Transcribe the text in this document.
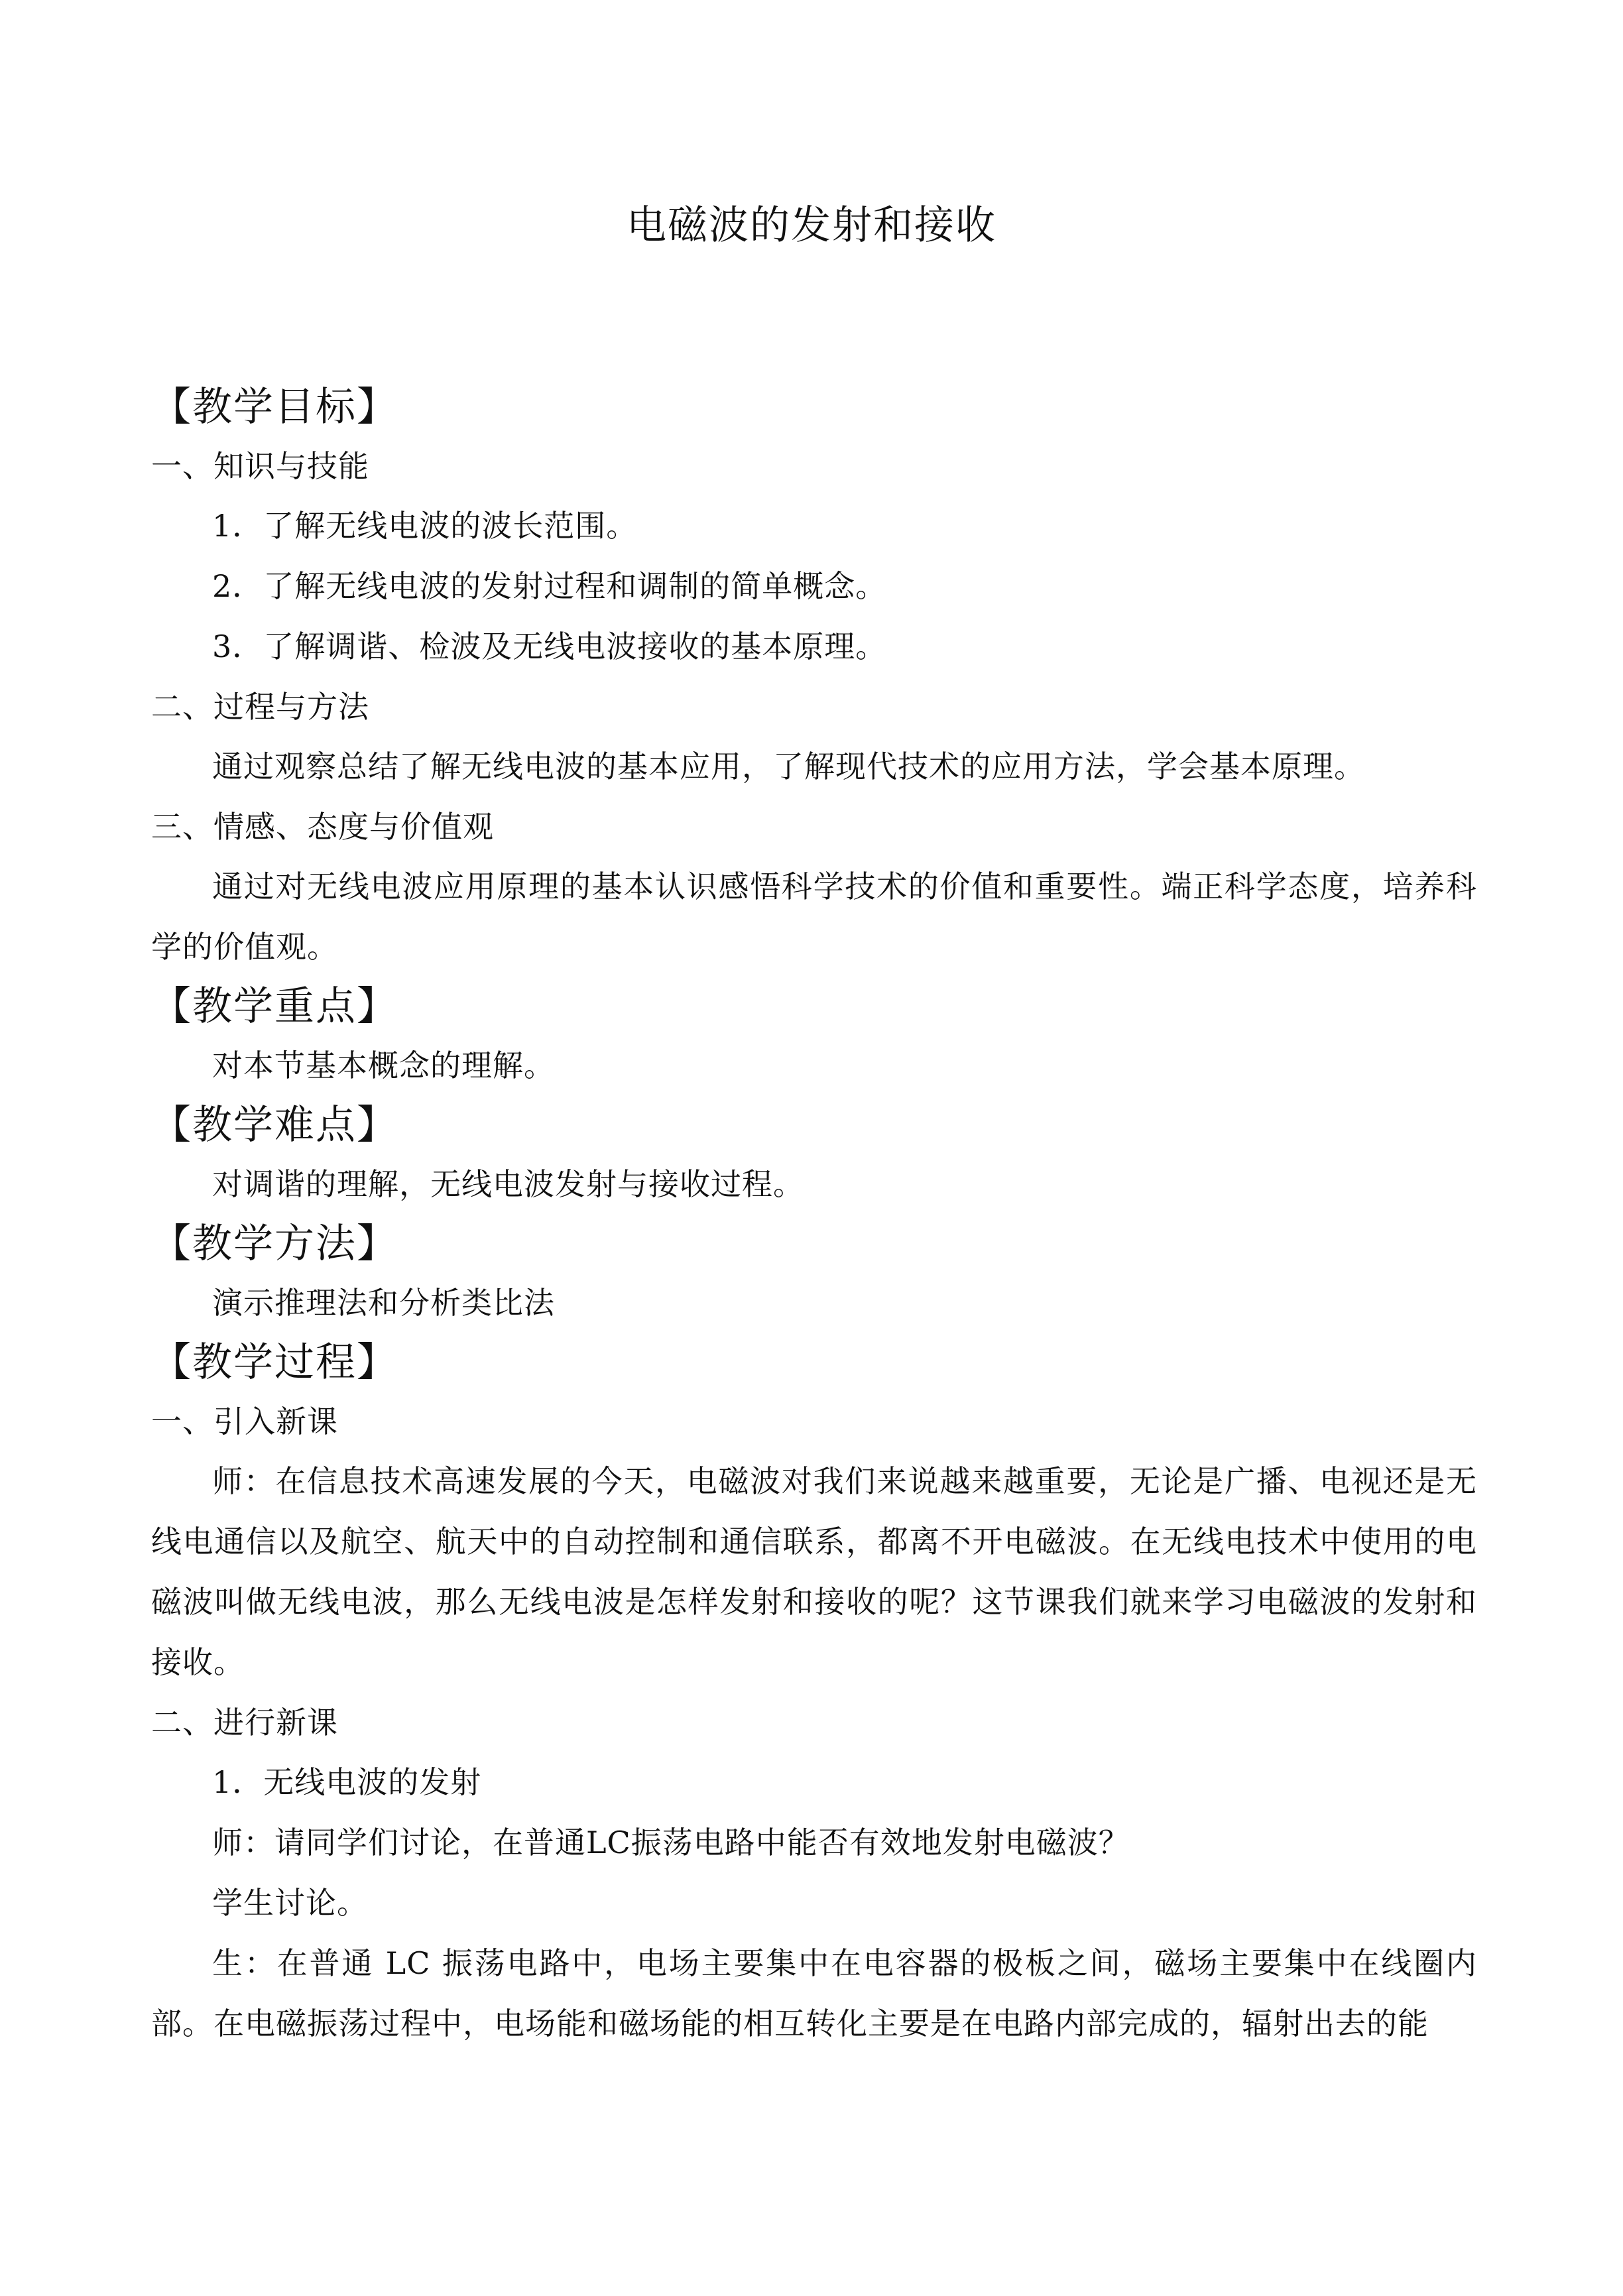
电磁波的发射和接收
【教学目标】
一、知识与技能
1．了解无线电波的波长范围。
2．了解无线电波的发射过程和调制的简单概念。
3．了解调谐、检波及无线电波接收的基本原理。
二、过程与方法
通过观察总结了解无线电波的基本应用，了解现代技术的应用方法，学会基本原理。
三、情感、态度与价值观
通过对无线电波应用原理的基本认识感悟科学技术的价值和重要性。端正科学态度，培养科学的价值观。
【教学重点】
对本节基本概念的理解。
【教学难点】
对调谐的理解，无线电波发射与接收过程。
【教学方法】
演示推理法和分析类比法
【教学过程】
一、引入新课
师：在信息技术高速发展的今天，电磁波对我们来说越来越重要，无论是广播、电视还是无线电通信以及航空、航天中的自动控制和通信联系，都离不开电磁波。在无线电技术中使用的电磁波叫做无线电波，那么无线电波是怎样发射和接收的呢？这节课我们就来学习电磁波的发射和接收。
二、进行新课
1．无线电波的发射
师：请同学们讨论，在普通LC振荡电路中能否有效地发射电磁波？
学生讨论。
生：在普通 LC 振荡电路中，电场主要集中在电容器的极板之间，磁场主要集中在线圈内部。在电磁振荡过程中，电场能和磁场能的相互转化主要是在电路内部完成的，辐射出去的能
